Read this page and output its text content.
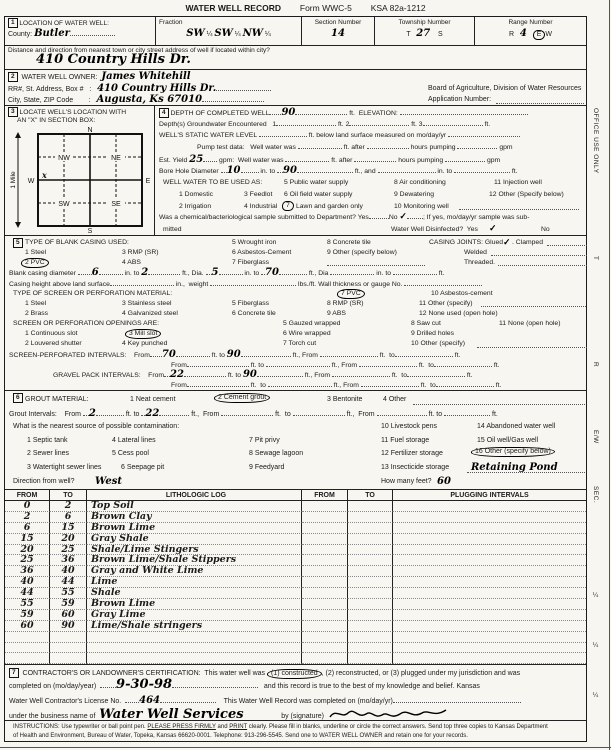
WATER WELL RECORD        Form WWC-5        KSA 82a-1212
1 LOCATION OF WATER WELL:
County: Butler
Fraction
SW ¼ SW ¼ NW ¼
Section Number
14
Township Number
T   27    S
Range Number
R   4 E W
Distance and direction from nearest town or city street address of well if located within city?
410 Country Hills Dr.
2  WATER WELL OWNER:  James Whitehill
RR#, St. Address, Box #   :   410 Country Hills Dr.	Board of Agriculture, Division of Water Resources
City, State, ZIP Code        :   Augusta, Ks 67010	Application Number:
3 LOCATE WELL'S LOCATION WITH
AN "X" IN SECTION BOX:
1 Mile
NW	NE
SW	SE
N
S
W	E
x
4 DEPTH OF COMPLETED WELL 90	ft.  ELEVATION:
Depth(s) Groundwater Encountered   1	ft. 2	ft. 3	ft.
WELL'S STATIC WATER LEVEL	ft. below land surface measured on mo/day/yr
Pump test data:   Well water was	ft. after	hours pumping	gpm
Est. Yield 25 gpm:  Well water was	ft. after	hours pumping	gpm
Bore Hole Diameter 10	in. to 90	ft., and	in. to	ft.
WELL WATER TO BE USED AS:	5 Public water supply	8 Air conditioning	11 Injection well
1 Domestic	3 Feedlot 6 Oil field water supply	9 Dewatering	12 Other (Specify below)
2 Irrigation	4 Industrial	7 Lawn and garden only	10 Monitoring well
Was a chemical/bacteriological sample submitted to Department? Yes	No ✓ ; If yes, mo/day/yr sample was sub-
mitted	Water Well Disinfected?  Yes ✓	No
5 TYPE OF BLANK CASING USED:	5 Wrought iron	8 Concrete tile	CASING JOINTS: Glued
✓ . Clamped
1 Steel	3 RMP (SR)	6 Asbestos-Cement	9 Other (specify below)	Welded
2 PVC	4 ABS	7 Fiberglass	Threaded.
Blank casing diameter 6	in. to 2	ft., Dia. 5	in. to 70	ft., Dia	in. to	ft.
Casing height above land surface	in.,  weight	lbs./ft. Wall thickness or gauge No.
TYPE OF SCREEN OR PERFORATION MATERIAL:	7 PVC	10 Asbestos-cement
1 Steel	3 Stainless steel	5 Fiberglass	8 RMP (SR)	11 Other (specify)
2 Brass	4 Galvanized steel	6 Concrete tile	9 ABS	12 None used (open hole)
SCREEN OR PERFORATION OPENINGS ARE:	5 Gauzed wrapped	8 Saw cut	11 None (open hole)
1 Continuous slot	3 Mill slot	6 Wire wrapped	9 Drilled holes
2 Louvered shutter	4 Key punched	7 Torch cut	10 Other (specify)
SCREEN-PERFORATED INTERVALS:    From 70	ft. to 90	ft., From	ft.  to	ft.
From	ft. to	ft., From	ft.  to	ft.
GRAVEL PACK INTERVALS:    From 22	ft. to 90	ft., From	ft.  to	ft.
From	ft.  to	ft., From	ft.  to	ft.
6 GROUT MATERIAL:	1 Neat cement	2 Cement grout	3 Bentonite	4 Other
Grout Intervals:    From 2	ft. to 22	ft.,  From	ft.  to	ft.,  From	ft. to	ft.
What is the nearest source of possible contamination:	10 Livestock pens	14 Abandoned water well
1 Septic tank	4 Lateral lines	7 Pit privy	11 Fuel storage	15 Oil well/Gas well
2 Sewer lines	5 Cess pool	8 Sewage lagoon	12 Fertilizer storage	16 Other (specify below)
3 Watertight sewer lines	6 Seepage pit	9 Feedyard	13 Insecticide storage Retaining Pond
Direction from well? West	How many feet? 60
FROM	TO	LITHOLOGIC LOG	FROM	TO	PLUGGING INTERVALS
0	2	Top Soil
2	6	Brown Clay
6	15	Brown Lime
15	20	Gray Shale
20	25	Shale/Lime Stingers
25	36	Brown Lime/Shale Stippers
36	40	Gray and White Lime
40	44	Lime
44	55	Shale
55	59	Brown Lime
59	60	Gray Lime
60	90	Lime/Shale stringers
7  CONTRACTOR'S OR LANDOWNER'S CERTIFICATION:  This water well was (1) constructed , (2) reconstructed, or (3) plugged under my jurisdiction and was
completed on (mo/day/year)  9-30-98	and this record is true to the best of my knowledge and belief. Kansas
Water Well Contractor's License No.  464	This Water Well Record was completed on (mo/day/yr)
under the business name of  Water Well Services	by (signature)
INSTRUCTIONS: Use typewriter or ball point pen. PLEASE PRESS FIRMLY and PRINT clearly. Please fill in blanks, underline or circle the correct answers. Send top three copies to Kansas Department
of Health and Environment, Bureau of Water, Topeka, Kansas 66620-0001. Telephone: 913-296-5545. Send one to WATER WELL OWNER and retain one for your records.
OFFICE USE ONLY
T
R
E/W
SEC.
¼
¼
¼
